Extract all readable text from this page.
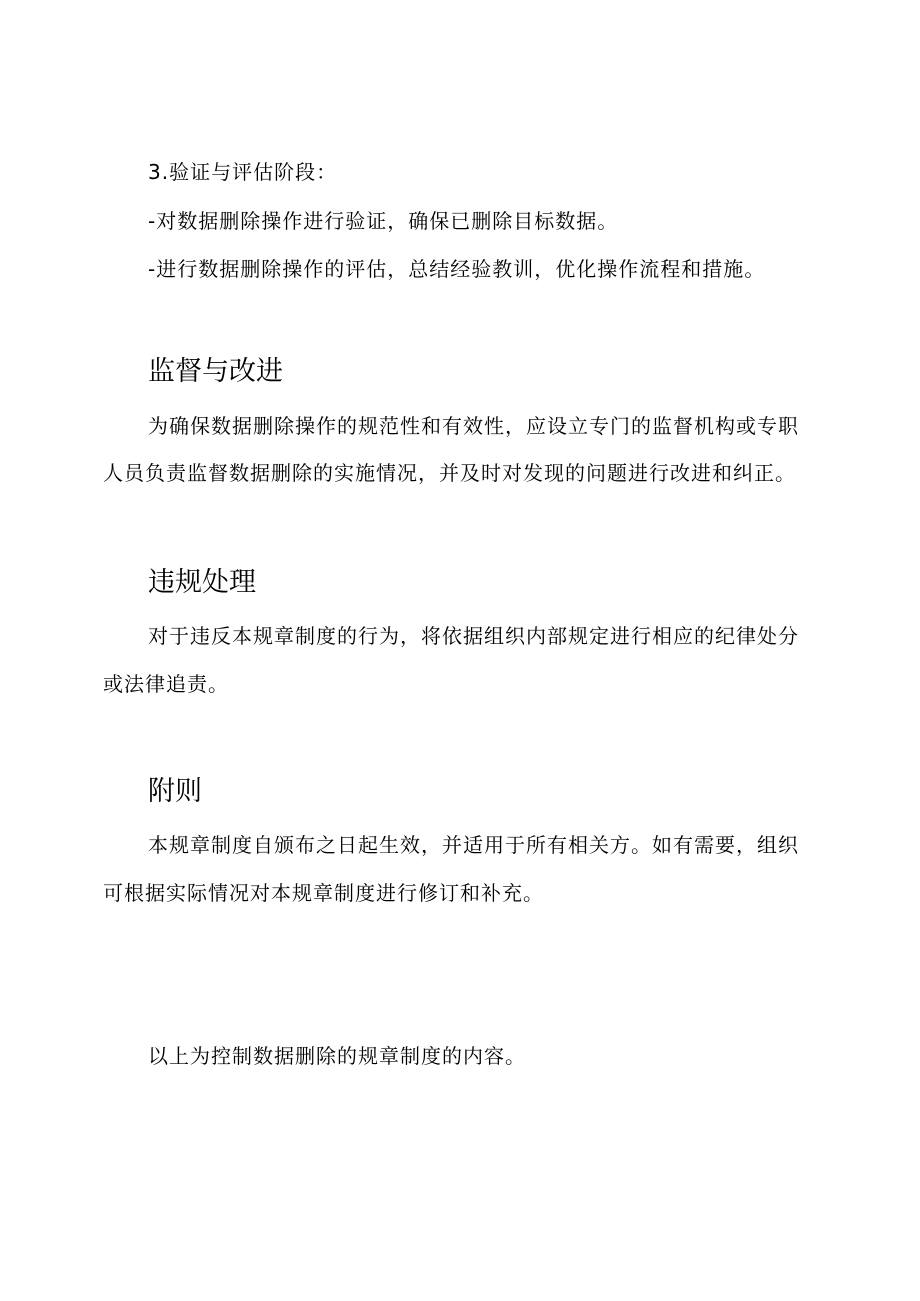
3.验证与评估阶段：
-对数据删除操作进行验证，确保已删除目标数据。
-进行数据删除操作的评估，总结经验教训，优化操作流程和措施。
监督与改进
为确保数据删除操作的规范性和有效性，应设立专门的监督机构或专职
人员负责监督数据删除的实施情况，并及时对发现的问题进行改进和纠正。
违规处理
对于违反本规章制度的行为，将依据组织内部规定进行相应的纪律处分
或法律追责。
附则
本规章制度自颁布之日起生效，并适用于所有相关方。如有需要，组织
可根据实际情况对本规章制度进行修订和补充。
以上为控制数据删除的规章制度的内容。
